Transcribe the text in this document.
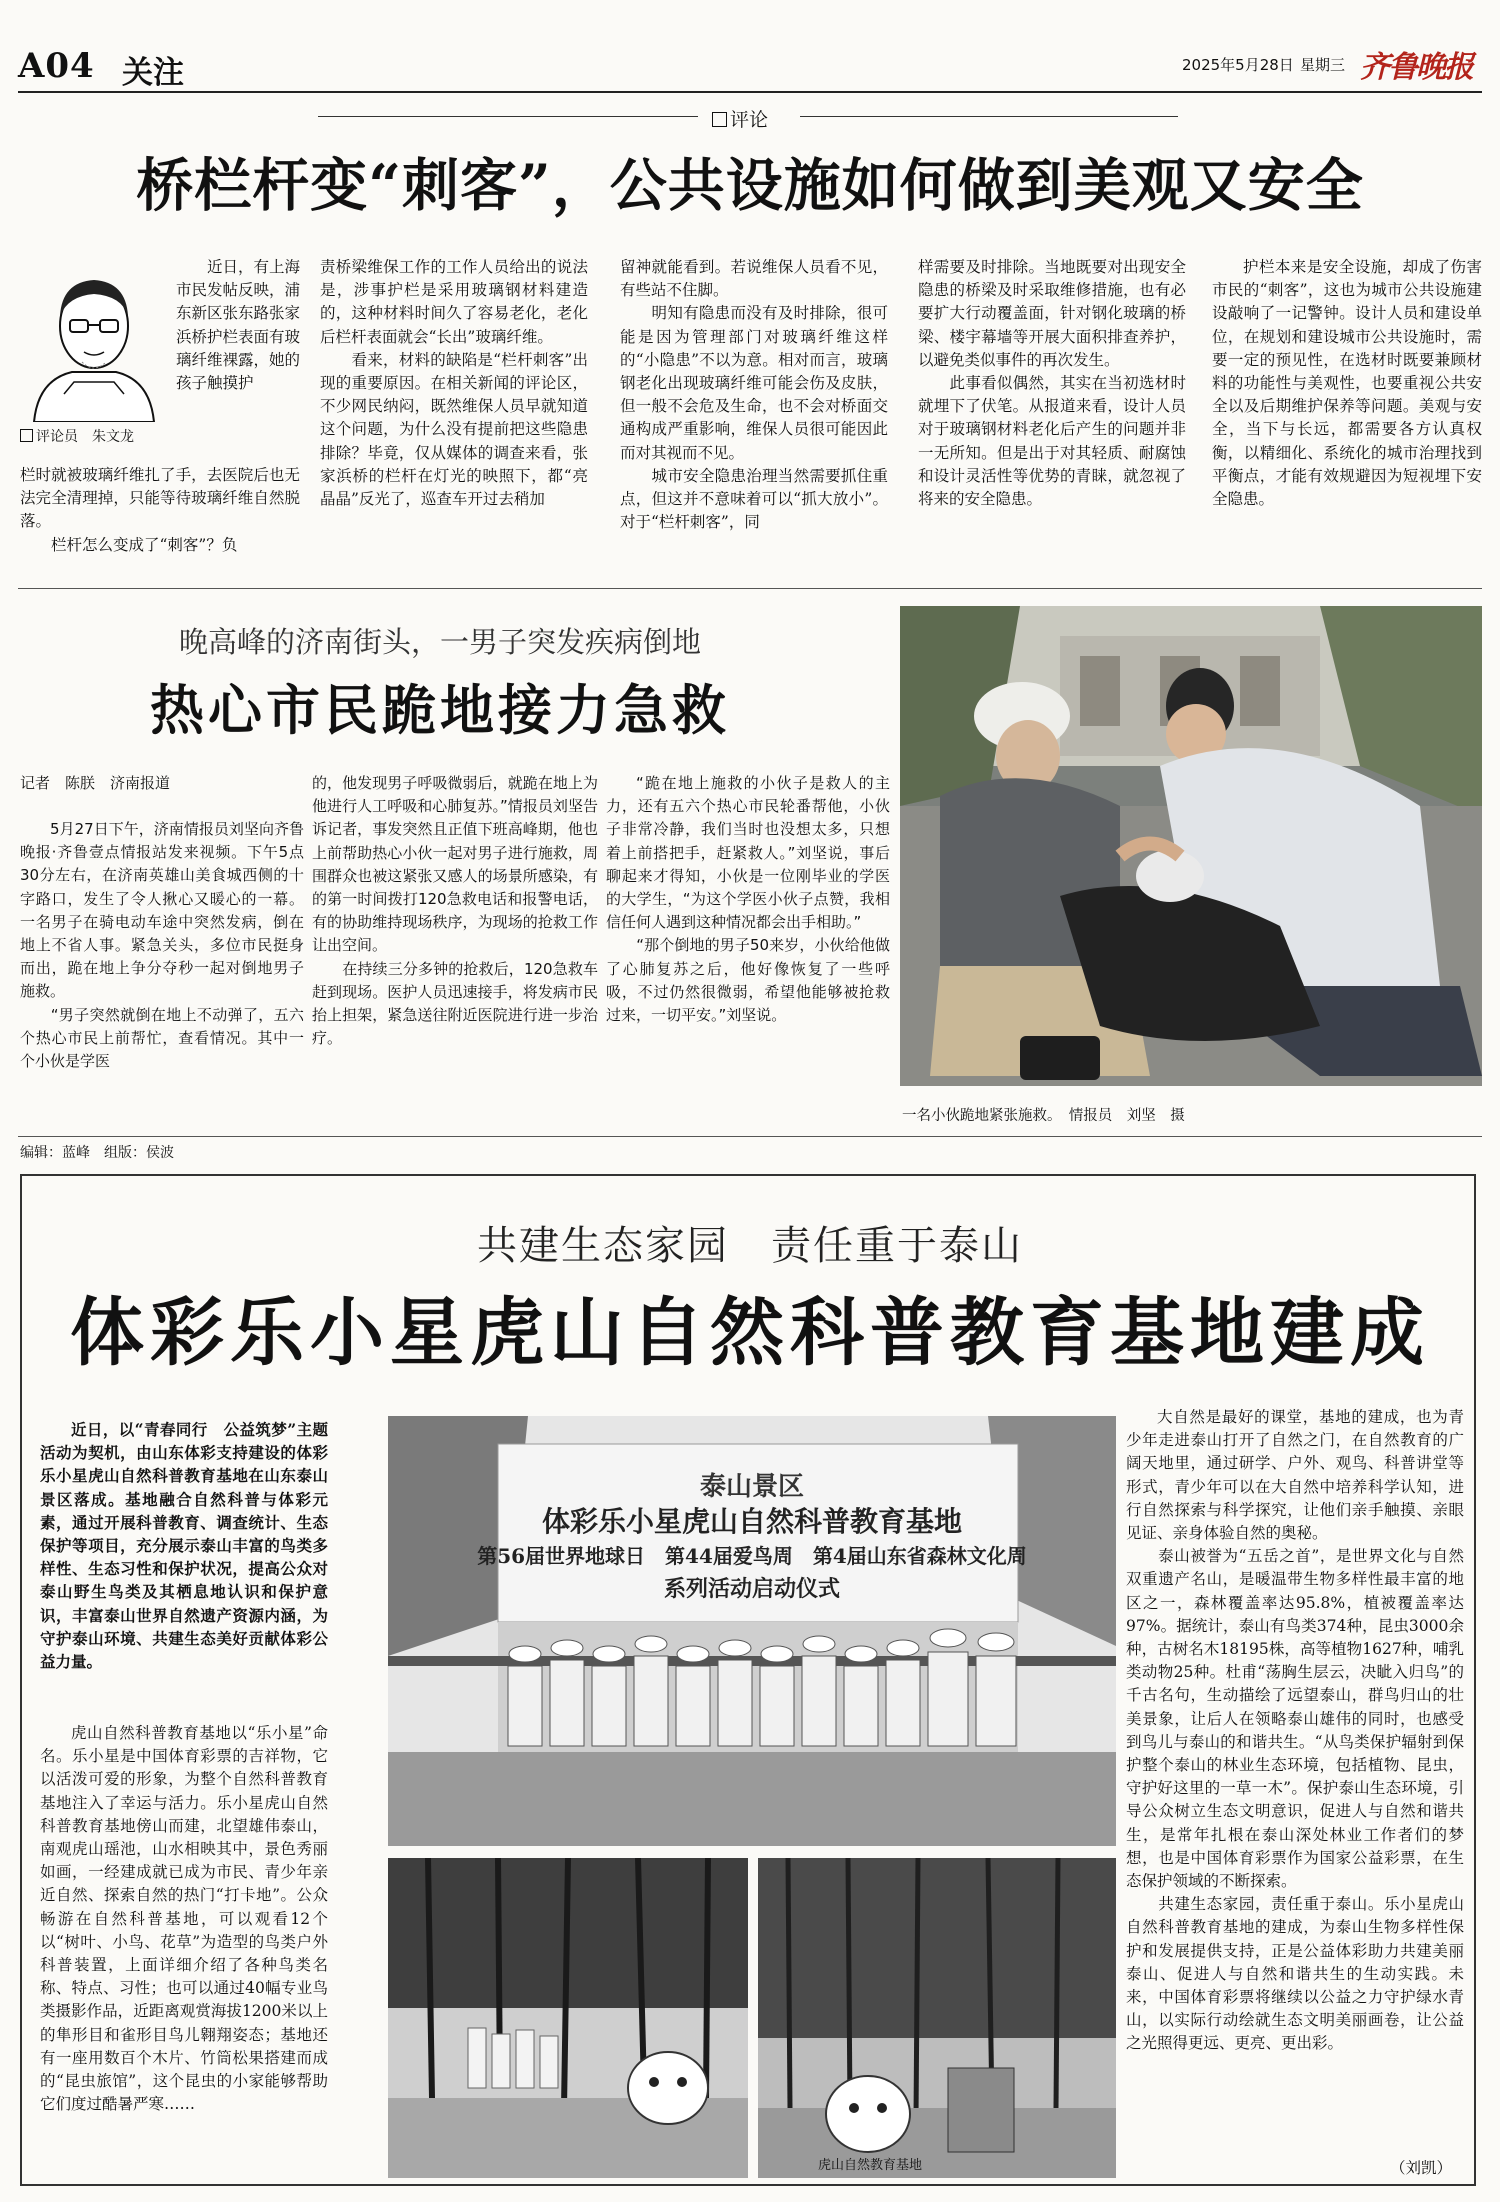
A04 关注	2025年5月28日 星期三 齐鲁晚报
评论
桥栏杆变“刺客”，公共设施如何做到美观又安全
评论员　朱文龙

近日，有上海市民发帖反映，浦东新区张东路张家浜桥护栏表面有玻璃纤维裸露，她的孩子触摸护

栏时就被玻璃纤维扎了手，去医院后也无法完全清理掉，只能等待玻璃纤维自然脱落。
　　栏杆怎么变成了“刺客”？负

责桥梁维保工作的工作人员给出的说法是，涉事护栏是采用玻璃钢材料建造的，这种材料时间久了容易老化，老化后栏杆表面就会“长出”玻璃纤维。
　　看来，材料的缺陷是“栏杆刺客”出现的重要原因。在相关新闻的评论区，不少网民纳闷，既然维保人员早就知道这个问题，为什么没有提前把这些隐患排除？毕竟，仅从媒体的调查来看，张家浜桥的栏杆在灯光的映照下，都“亮晶晶”反光了，巡查车开过去稍加

留神就能看到。若说维保人员看不见，有些站不住脚。
　　明知有隐患而没有及时排除，很可能是因为管理部门对玻璃纤维这样的“小隐患”不以为意。相对而言，玻璃钢老化出现玻璃纤维可能会伤及皮肤，但一般不会危及生命，也不会对桥面交通构成严重影响，维保人员很可能因此而对其视而不见。
　　城市安全隐患治理当然需要抓住重点，但这并不意味着可以“抓大放小”。对于“栏杆刺客”，同

样需要及时排除。当地既要对出现安全隐患的桥梁及时采取维修措施，也有必要扩大行动覆盖面，针对钢化玻璃的桥梁、楼宇幕墙等开展大面积排查养护，以避免类似事件的再次发生。
　　此事看似偶然，其实在当初选材时就埋下了伏笔。从报道来看，设计人员对于玻璃钢材料老化后产生的问题并非一无所知。但是出于对其轻质、耐腐蚀和设计灵活性等优势的青睐，就忽视了将来的安全隐患。

护栏本来是安全设施，却成了伤害市民的“刺客”，这也为城市公共设施建设敲响了一记警钟。设计人员和建设单位，在规划和建设城市公共设施时，需要一定的预见性，在选材时既要兼顾材料的功能性与美观性，也要重视公共安全以及后期维护保养等问题。美观与安全，当下与长远，都需要各方认真权衡，以精细化、系统化的城市治理找到平衡点，才能有效规避因为短视埋下安全隐患。

晚高峰的济南街头，一男子突发疾病倒地
热心市民跪地接力急救
记者　陈朕　济南报道

5月27日下午，济南情报员刘坚向齐鲁晚报·齐鲁壹点情报站发来视频。下午5点30分左右，在济南英雄山美食城西侧的十字路口，发生了令人揪心又暖心的一幕。一名男子在骑电动车途中突然发病，倒在地上不省人事。紧急关头，多位市民挺身而出，跪在地上争分夺秒一起对倒地男子施救。
　　“男子突然就倒在地上不动弹了，五六个热心市民上前帮忙，查看情况。其中一个小伙是学医

的，他发现男子呼吸微弱后，就跪在地上为他进行人工呼吸和心肺复苏。”情报员刘坚告诉记者，事发突然且正值下班高峰期，他也上前帮助热心小伙一起对男子进行施救，周围群众也被这紧张又感人的场景所感染，有的第一时间拨打120急救电话和报警电话，有的协助维持现场秩序，为现场的抢救工作让出空间。
　　在持续三分多钟的抢救后，120急救车赶到现场。医护人员迅速接手，将发病市民抬上担架，紧急送往附近医院进行进一步治疗。

“跪在地上施救的小伙子是救人的主力，还有五六个热心市民轮番帮他，小伙子非常冷静，我们当时也没想太多，只想着上前搭把手，赶紧救人。”刘坚说，事后聊起来才得知，小伙是一位刚毕业的学医的大学生，“为这个学医小伙子点赞，我相信任何人遇到这种情况都会出手相助。”
　　“那个倒地的男子50来岁，小伙给他做了心肺复苏之后，他好像恢复了一些呼吸，不过仍然很微弱，希望他能够被抢救过来，一切平安。”刘坚说。

一名小伙跪地紧张施救。　情报员　刘坚　摄
编辑：蓝峰　组版：侯波
共建生态家园　责任重于泰山
体彩乐小星虎山自然科普教育基地建成

近日，以“青春同行　公益筑梦”主题活动为契机，由山东体彩支持建设的体彩乐小星虎山自然科普教育基地在山东泰山景区落成。基地融合自然科普与体彩元素，通过开展科普教育、调查统计、生态保护等项目，充分展示泰山丰富的鸟类多样性、生态习性和保护状况，提高公众对泰山野生鸟类及其栖息地认识和保护意识，丰富泰山世界自然遗产资源内涵，为守护泰山环境、共建生态美好贡献体彩公益力量。

虎山自然科普教育基地以“乐小星”命名。乐小星是中国体育彩票的吉祥物，它以活泼可爱的形象，为整个自然科普教育基地注入了幸运与活力。乐小星虎山自然科普教育基地傍山而建，北望雄伟泰山，南观虎山瑶池，山水相映其中，景色秀丽如画，一经建成就已成为市民、青少年亲近自然、探索自然的热门“打卡地”。公众畅游在自然科普基地，可以观看12个以“树叶、小鸟、花草”为造型的鸟类户外科普装置，上面详细介绍了各种鸟类名称、特点、习性；也可以通过40幅专业鸟类摄影作品，近距离观赏海拔1200米以上的隼形目和雀形目鸟儿翱翔姿态；基地还有一座用数百个木片、竹筒松果搭建而成的“昆虫旅馆”，这个昆虫的小家能够帮助它们度过酷暑严寒……

大自然是最好的课堂，基地的建成，也为青少年走进泰山打开了自然之门，在自然教育的广阔天地里，通过研学、户外、观鸟、科普讲堂等形式，青少年可以在大自然中培养科学认知，进行自然探索与科学探究，让他们亲手触摸、亲眼见证、亲身体验自然的奥秘。
　　泰山被誉为“五岳之首”，是世界文化与自然双重遗产名山，是暖温带生物多样性最丰富的地区之一，森林覆盖率达95.8%，植被覆盖率达97%。据统计，泰山有鸟类374种，昆虫3000余种，古树名木18195株，高等植物1627种，哺乳类动物25种。杜甫“荡胸生层云，决眦入归鸟”的千古名句，生动描绘了远望泰山，群鸟归山的壮美景象，让后人在领略泰山雄伟的同时，也感受到鸟儿与泰山的和谐共生。“从鸟类保护辐射到保护整个泰山的林业生态环境，包括植物、昆虫，守护好这里的一草一木”。保护泰山生态环境，引导公众树立生态文明意识，促进人与自然和谐共生，是常年扎根在泰山深处林业工作者们的梦想，也是中国体育彩票作为国家公益彩票，在生态保护领域的不断探索。
　　共建生态家园，责任重于泰山。乐小星虎山自然科普教育基地的建成，为泰山生物多样性保护和发展提供支持，正是公益体彩助力共建美丽泰山、促进人与自然和谐共生的生动实践。未来，中国体育彩票将继续以公益之力守护绿水青山，以实际行动绘就生态文明美丽画卷，让公益之光照得更远、更亮、更出彩。

（刘凯）
泰山景区
体彩乐小星虎山自然科普教育基地
第56届世界地球日　第44届爱鸟周　第4届山东省森林文化周
系列活动启动仪式
虎山自然教育基地
